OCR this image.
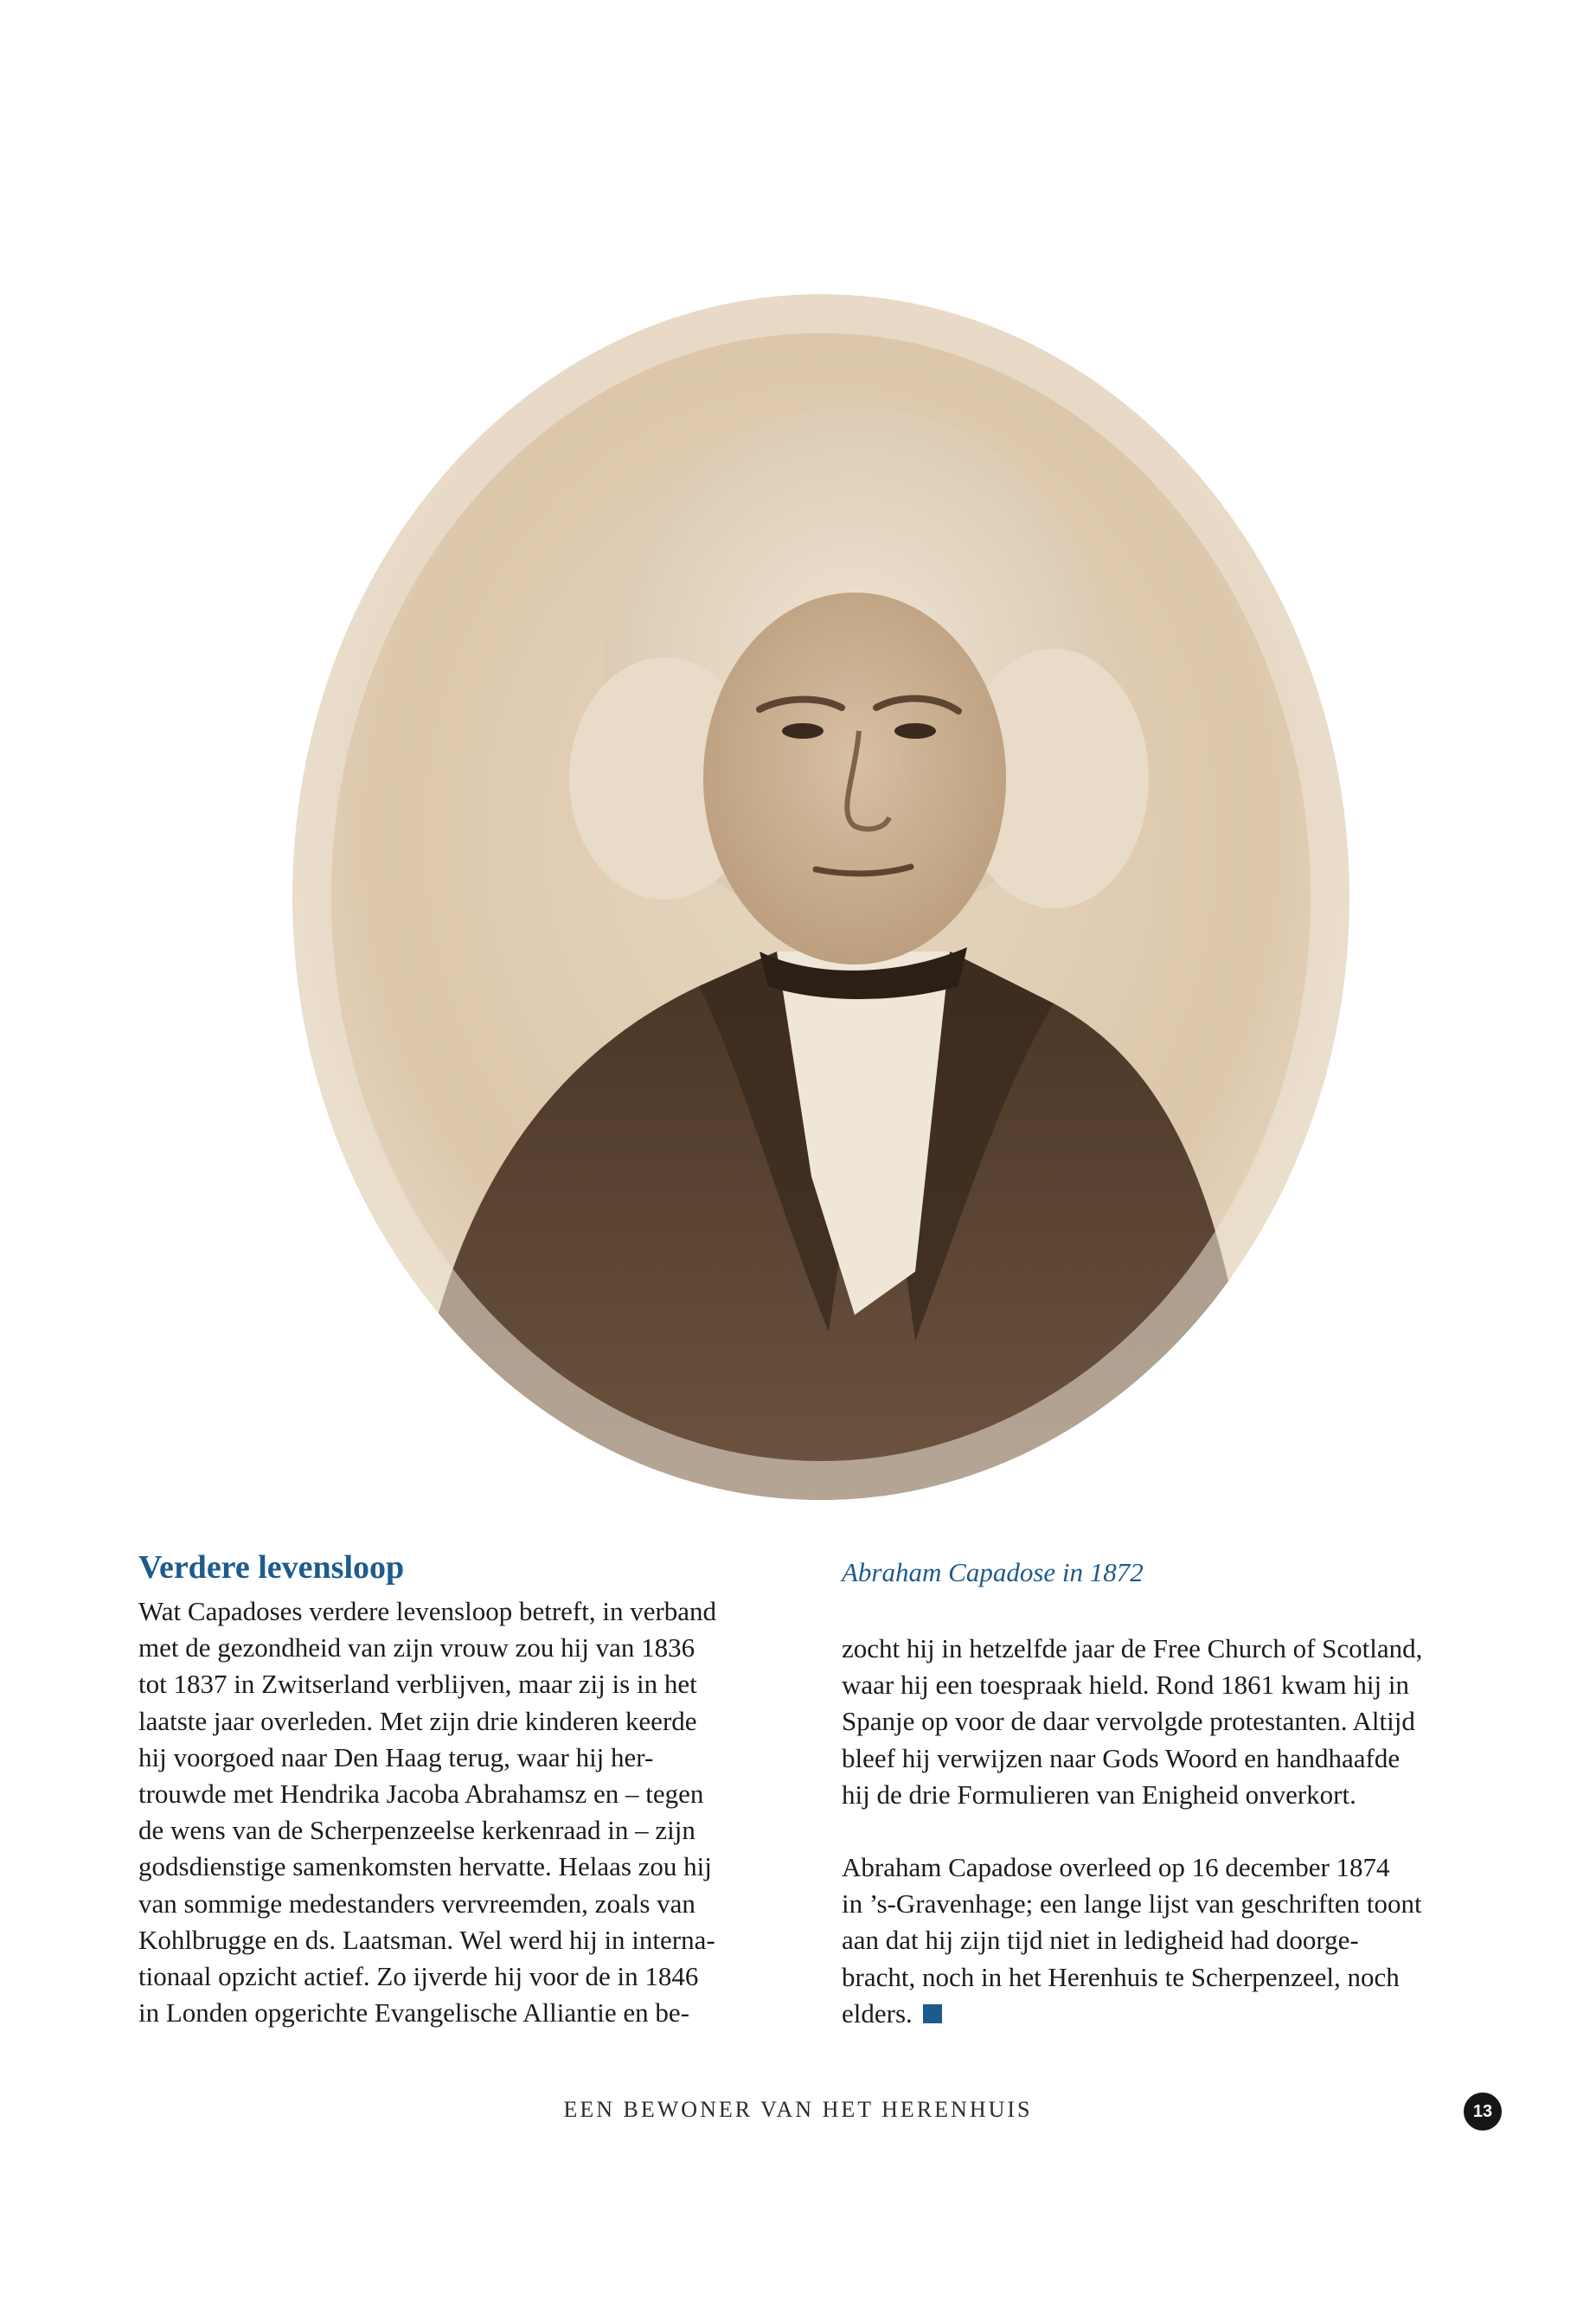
Verdere levensloop	Abraham Capadose in 1872

Wat Capadoses verdere levensloop betreft, in verband
met de gezondheid van zijn vrouw zou hij van 1836
tot 1837 in Zwitserland verblijven, maar zij is in het
laatste jaar overleden. Met zijn drie kinderen keerde
hij voorgoed naar Den Haag terug, waar hij her-
trouwde met Hendrika Jacoba Abrahamsz en – tegen
de wens van de Scherpenzeelse kerkenraad in – zijn
godsdienstige samenkomsten hervatte. Helaas zou hij
van sommige medestanders vervreemden, zoals van
Kohlbrugge en ds. Laatsman. Wel werd hij in interna-
tionaal opzicht actief. Zo ijverde hij voor de in 1846
in Londen opgerichte Evangelische Alliantie en be-
zocht hij in hetzelfde jaar de Free Church of Scotland,
waar hij een toespraak hield. Rond 1861 kwam hij in
Spanje op voor de daar vervolgde protestanten. Altijd
bleef hij verwijzen naar Gods Woord en handhaafde
hij de drie Formulieren van Enigheid onverkort.
Abraham Capadose overleed op 16 december 1874
in ’s-Gravenhage; een lange lijst van geschriften toont
aan dat hij zijn tijd niet in ledigheid had doorge-
bracht, noch in het Herenhuis te Scherpenzeel, noch
elders.
EEN BEWONER VAN HET HERENHUIS	13
